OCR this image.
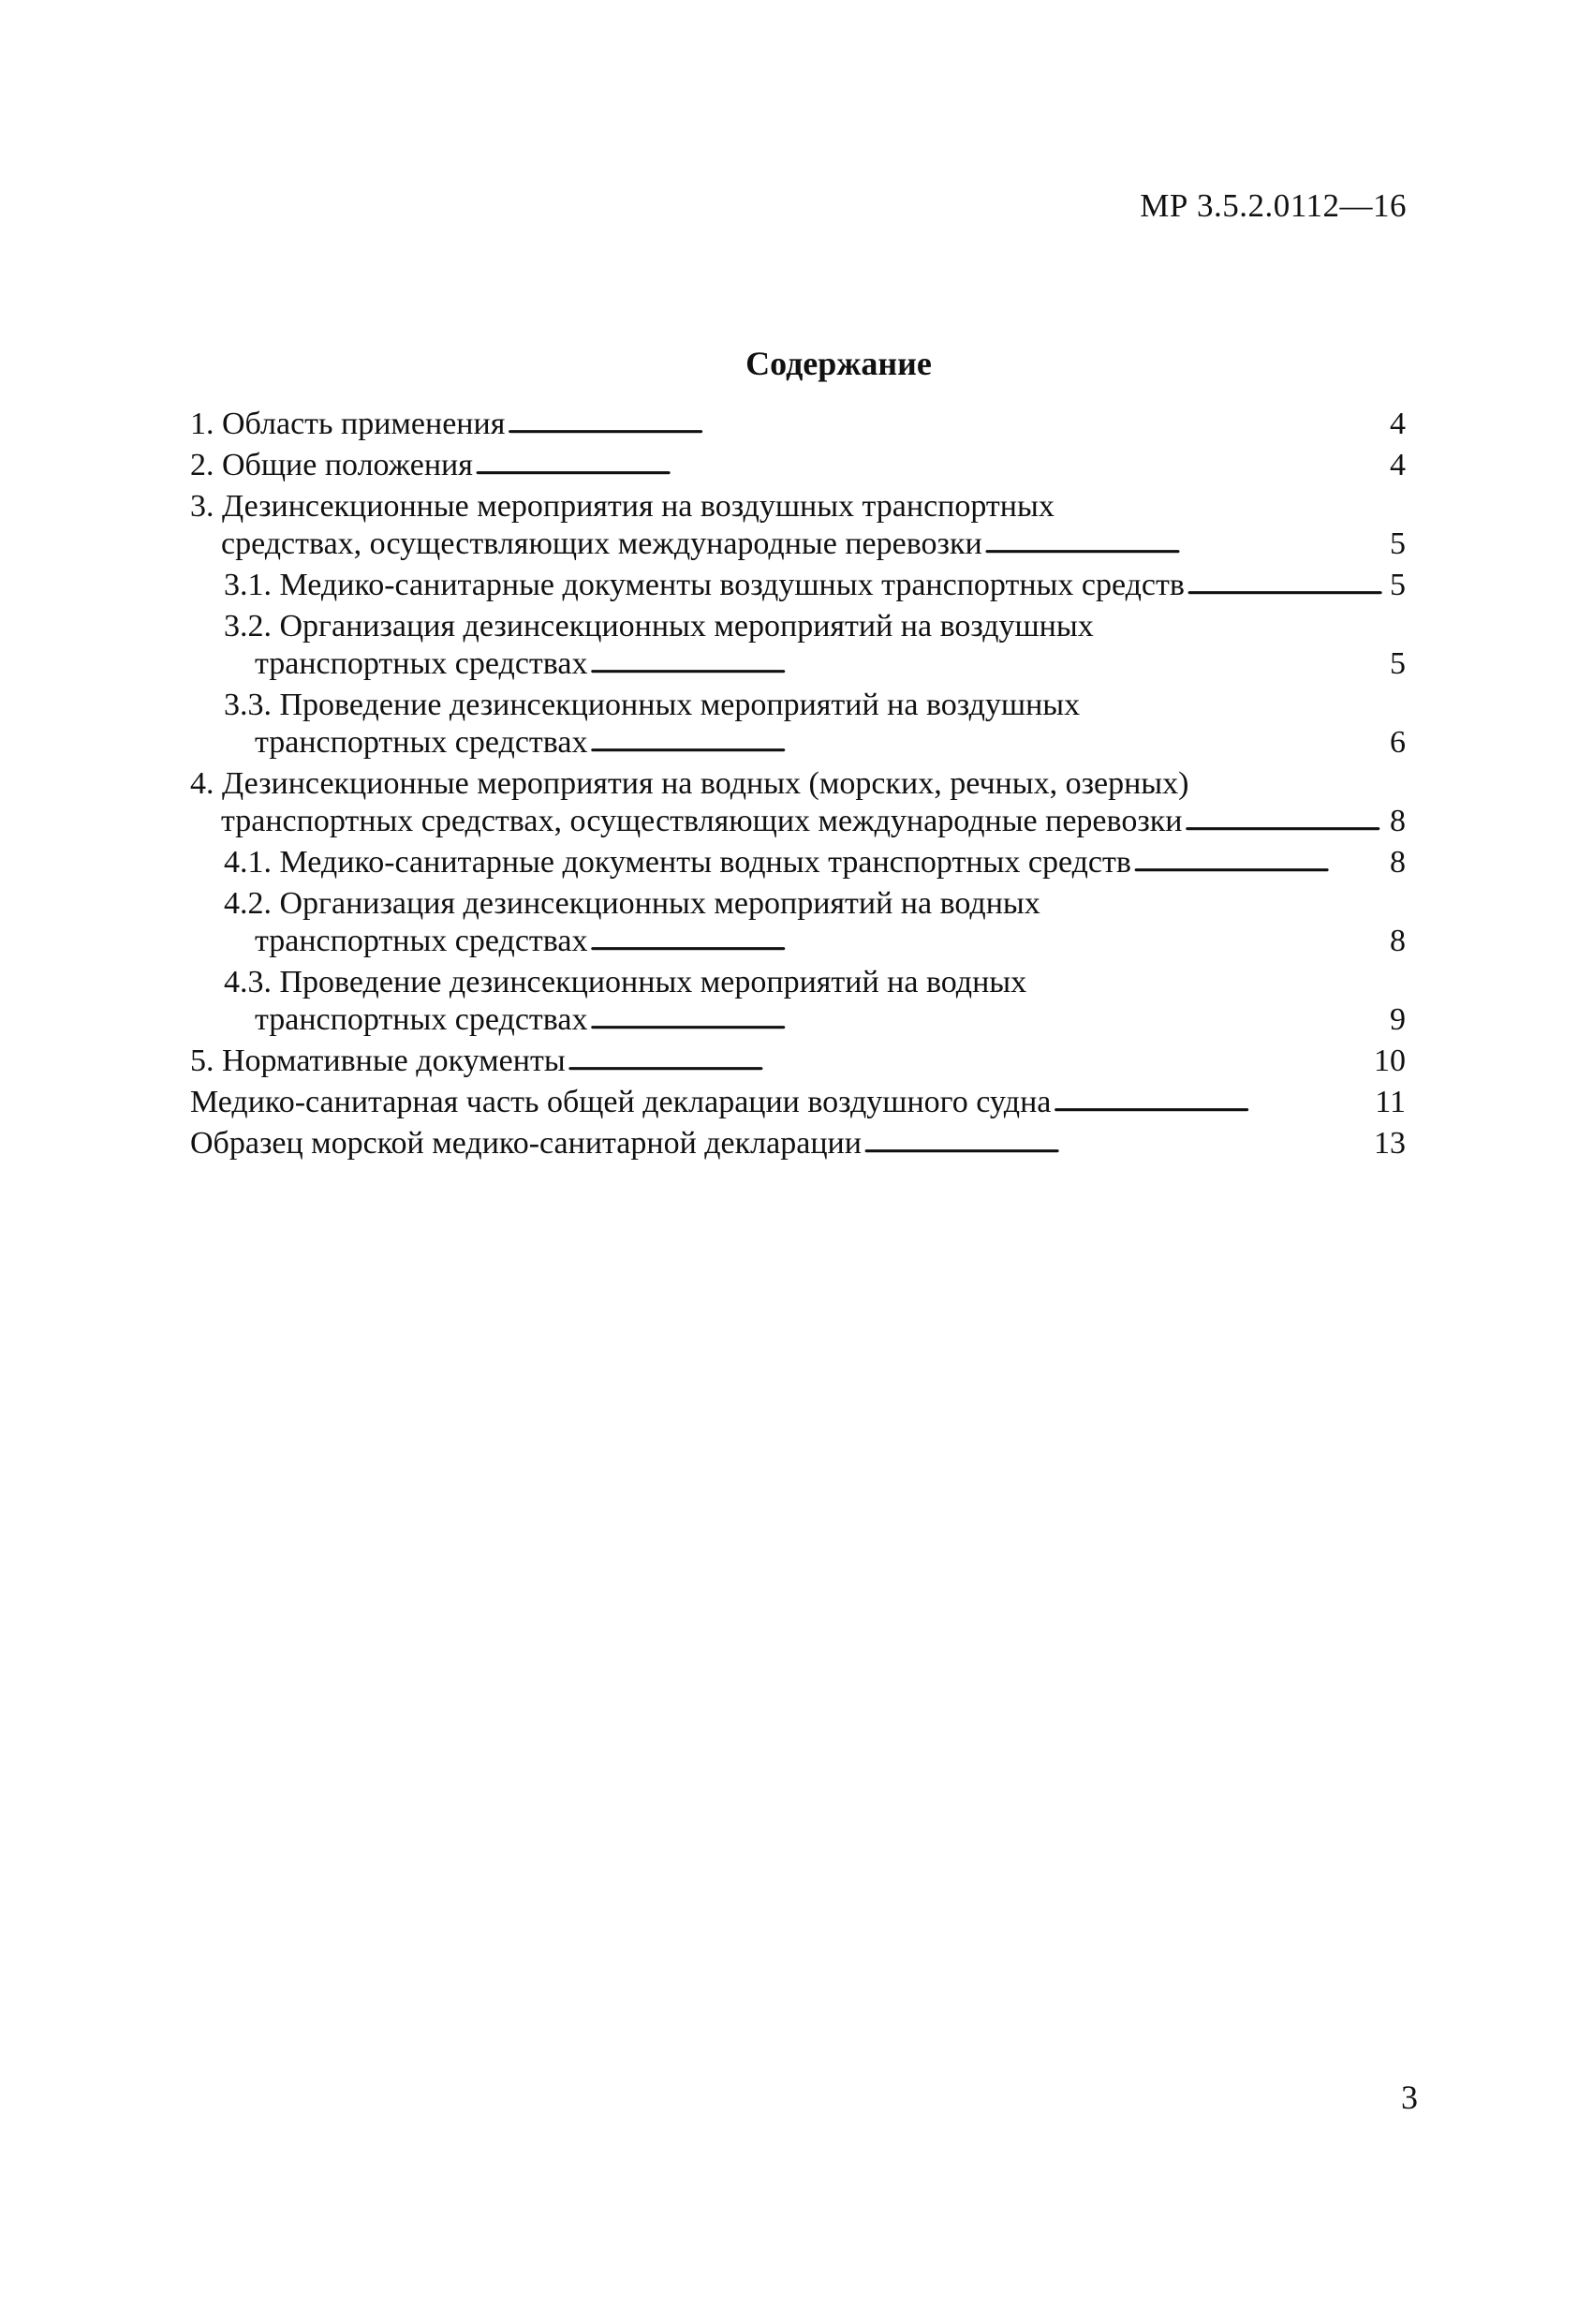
МР 3.5.2.0112—16
Содержание
1. Область применения . . .	4
2. Общие положения . . .	4
3. Дезинсекционные мероприятия на воздушных транспортных
средствах, осуществляющих международные перевозки . . .	5
3.1. Медико-санитарные документы воздушных транспортных средств . . .	5
3.2. Организация дезинсекционных мероприятий на воздушных
транспортных средствах . . .	5
3.3. Проведение дезинсекционных мероприятий на воздушных
транспортных средствах . . .	6
4. Дезинсекционные мероприятия на водных (морских, речных, озерных)
транспортных средствах, осуществляющих международные перевозки . . .	8
4.1. Медико-санитарные документы водных транспортных средств . . .	8
4.2. Организация дезинсекционных мероприятий на водных
транспортных средствах . . .	8
4.3. Проведение дезинсекционных мероприятий на водных
транспортных средствах . . .	9
5. Нормативные документы . . .	10
Медико-санитарная часть общей декларации воздушного судна . . .	11
Образец морской медико-санитарной декларации . . .	13
3
